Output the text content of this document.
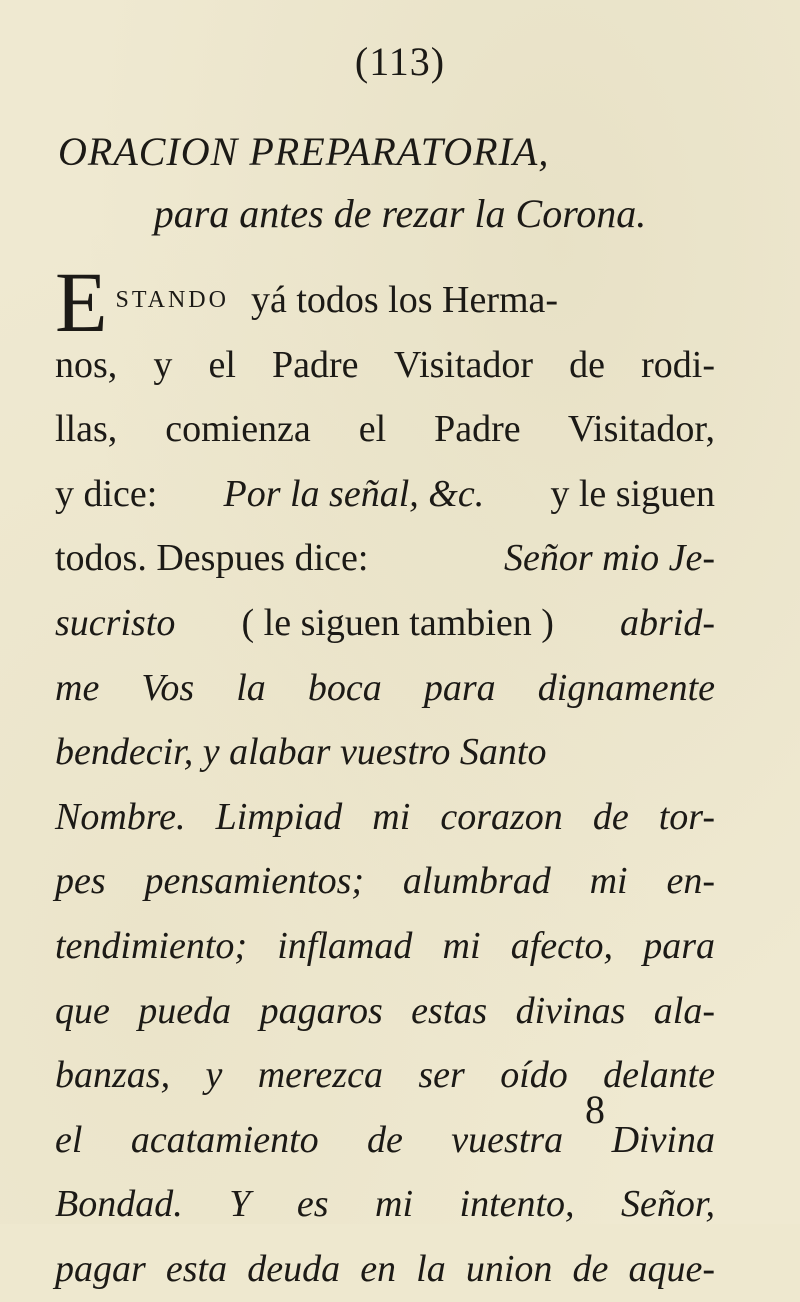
(113)
ORACION PREPARATORIA,
para antes de rezar la Corona.
E STANDO yá todos los Herma-
nos, y el Padre Visitador de rodi-
llas, comienza el Padre Visitador,
y dice: Por la señal, &c. y le siguen
todos. Despues dice:	Señor mio Je-
sucristo ( le siguen tambien ) abrid-
me Vos la boca para dignamente
bendecir, y alabar vuestro Santo
Nombre. Limpiad mi corazon de tor-
pes pensamientos; alumbrad mi en-
tendimiento; inflamad mi afecto, para
que pueda pagaros estas divinas ala-
banzas, y merezca ser oído delante
el acatamiento de vuestra Divina
Bondad. Y es mi intento, Señor,
pagar esta deuda en la union de aque-
8
